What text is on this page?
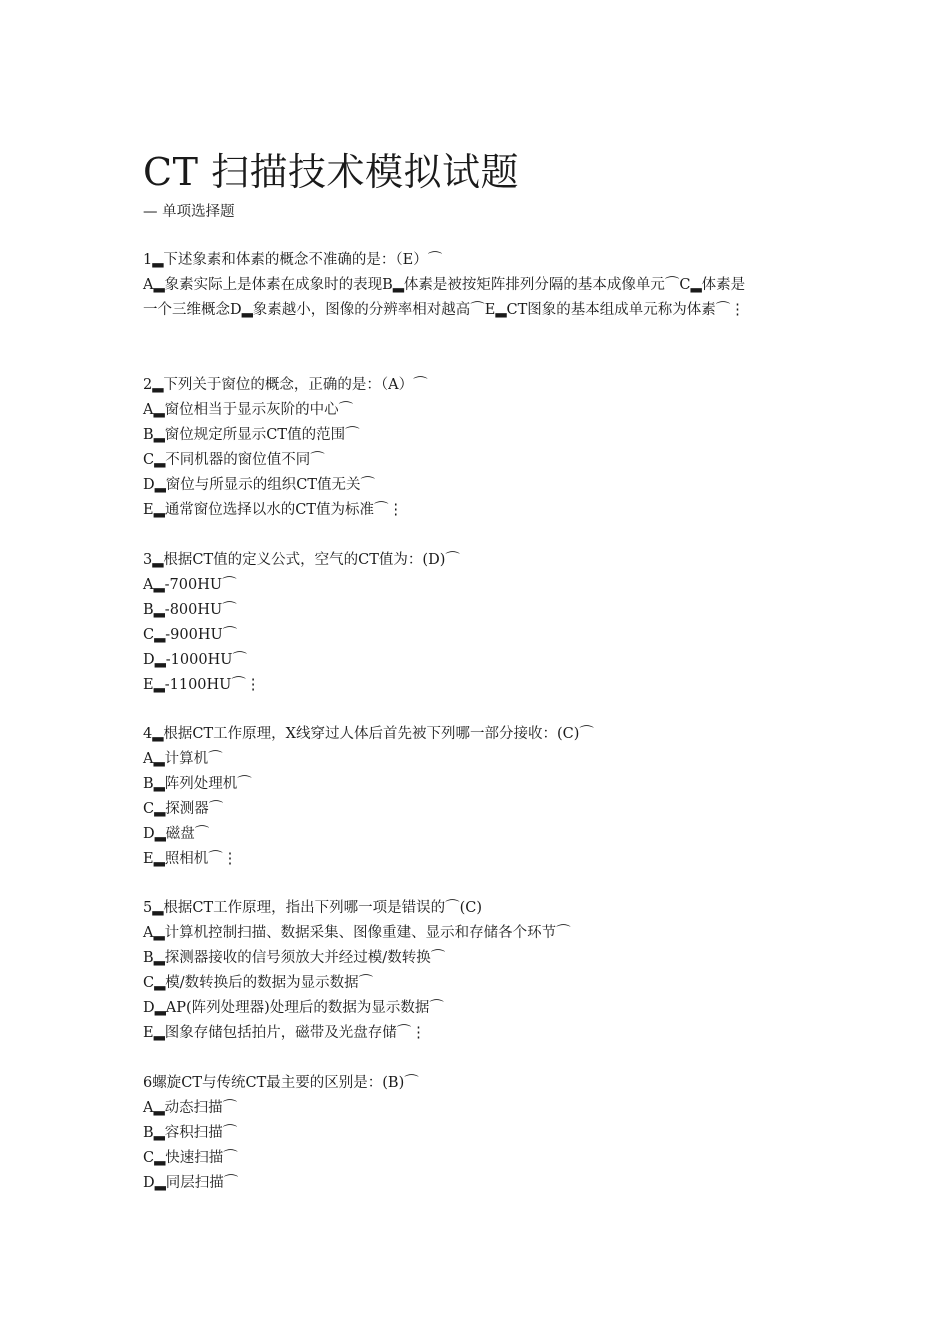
CT 扫描技术模拟试题
— 单项选择题
1▂下述象素和体素的概念不准确的是：（E）⌒
A▂象素实际上是体素在成象时的表现B▂体素是被按矩阵排列分隔的基本成像单元⌒C▂体素是
一个三维概念D▂象素越小，图像的分辨率相对越高⌒E▂CT图象的基本组成单元称为体素⌒⋮
2▂下列关于窗位的概念，正确的是：（A）⌒
A▂窗位相当于显示灰阶的中心⌒
B▂窗位规定所显示CT值的范围⌒
C▂不同机器的窗位值不同⌒
D▂窗位与所显示的组织CT值无关⌒
E▂通常窗位选择以水的CT值为标准⌒⋮
3▂根据CT值的定义公式，空气的CT值为：(D)⌒
A▂-700HU⌒
B▂-800HU⌒
C▂-900HU⌒
D▂-1000HU⌒
E▂-1100HU⌒⋮
4▂根据CT工作原理，X线穿过人体后首先被下列哪一部分接收：(C)⌒
A▂计算机⌒
B▂阵列处理机⌒
C▂探测器⌒
D▂磁盘⌒
E▂照相机⌒⋮
5▂根据CT工作原理，指出下列哪一项是错误的⌒(C)
A▂计算机控制扫描、数据采集、图像重建、显示和存储各个环节⌒
B▂探测器接收的信号须放大并经过模/数转换⌒
C▂模/数转换后的数据为显示数据⌒
D▂AP(阵列处理器)处理后的数据为显示数据⌒
E▂图象存储包括拍片，磁带及光盘存储⌒⋮
6螺旋CT与传统CT最主要的区别是：(B)⌒
A▂动态扫描⌒
B▂容积扫描⌒
C▂快速扫描⌒
D▂同层扫描⌒
